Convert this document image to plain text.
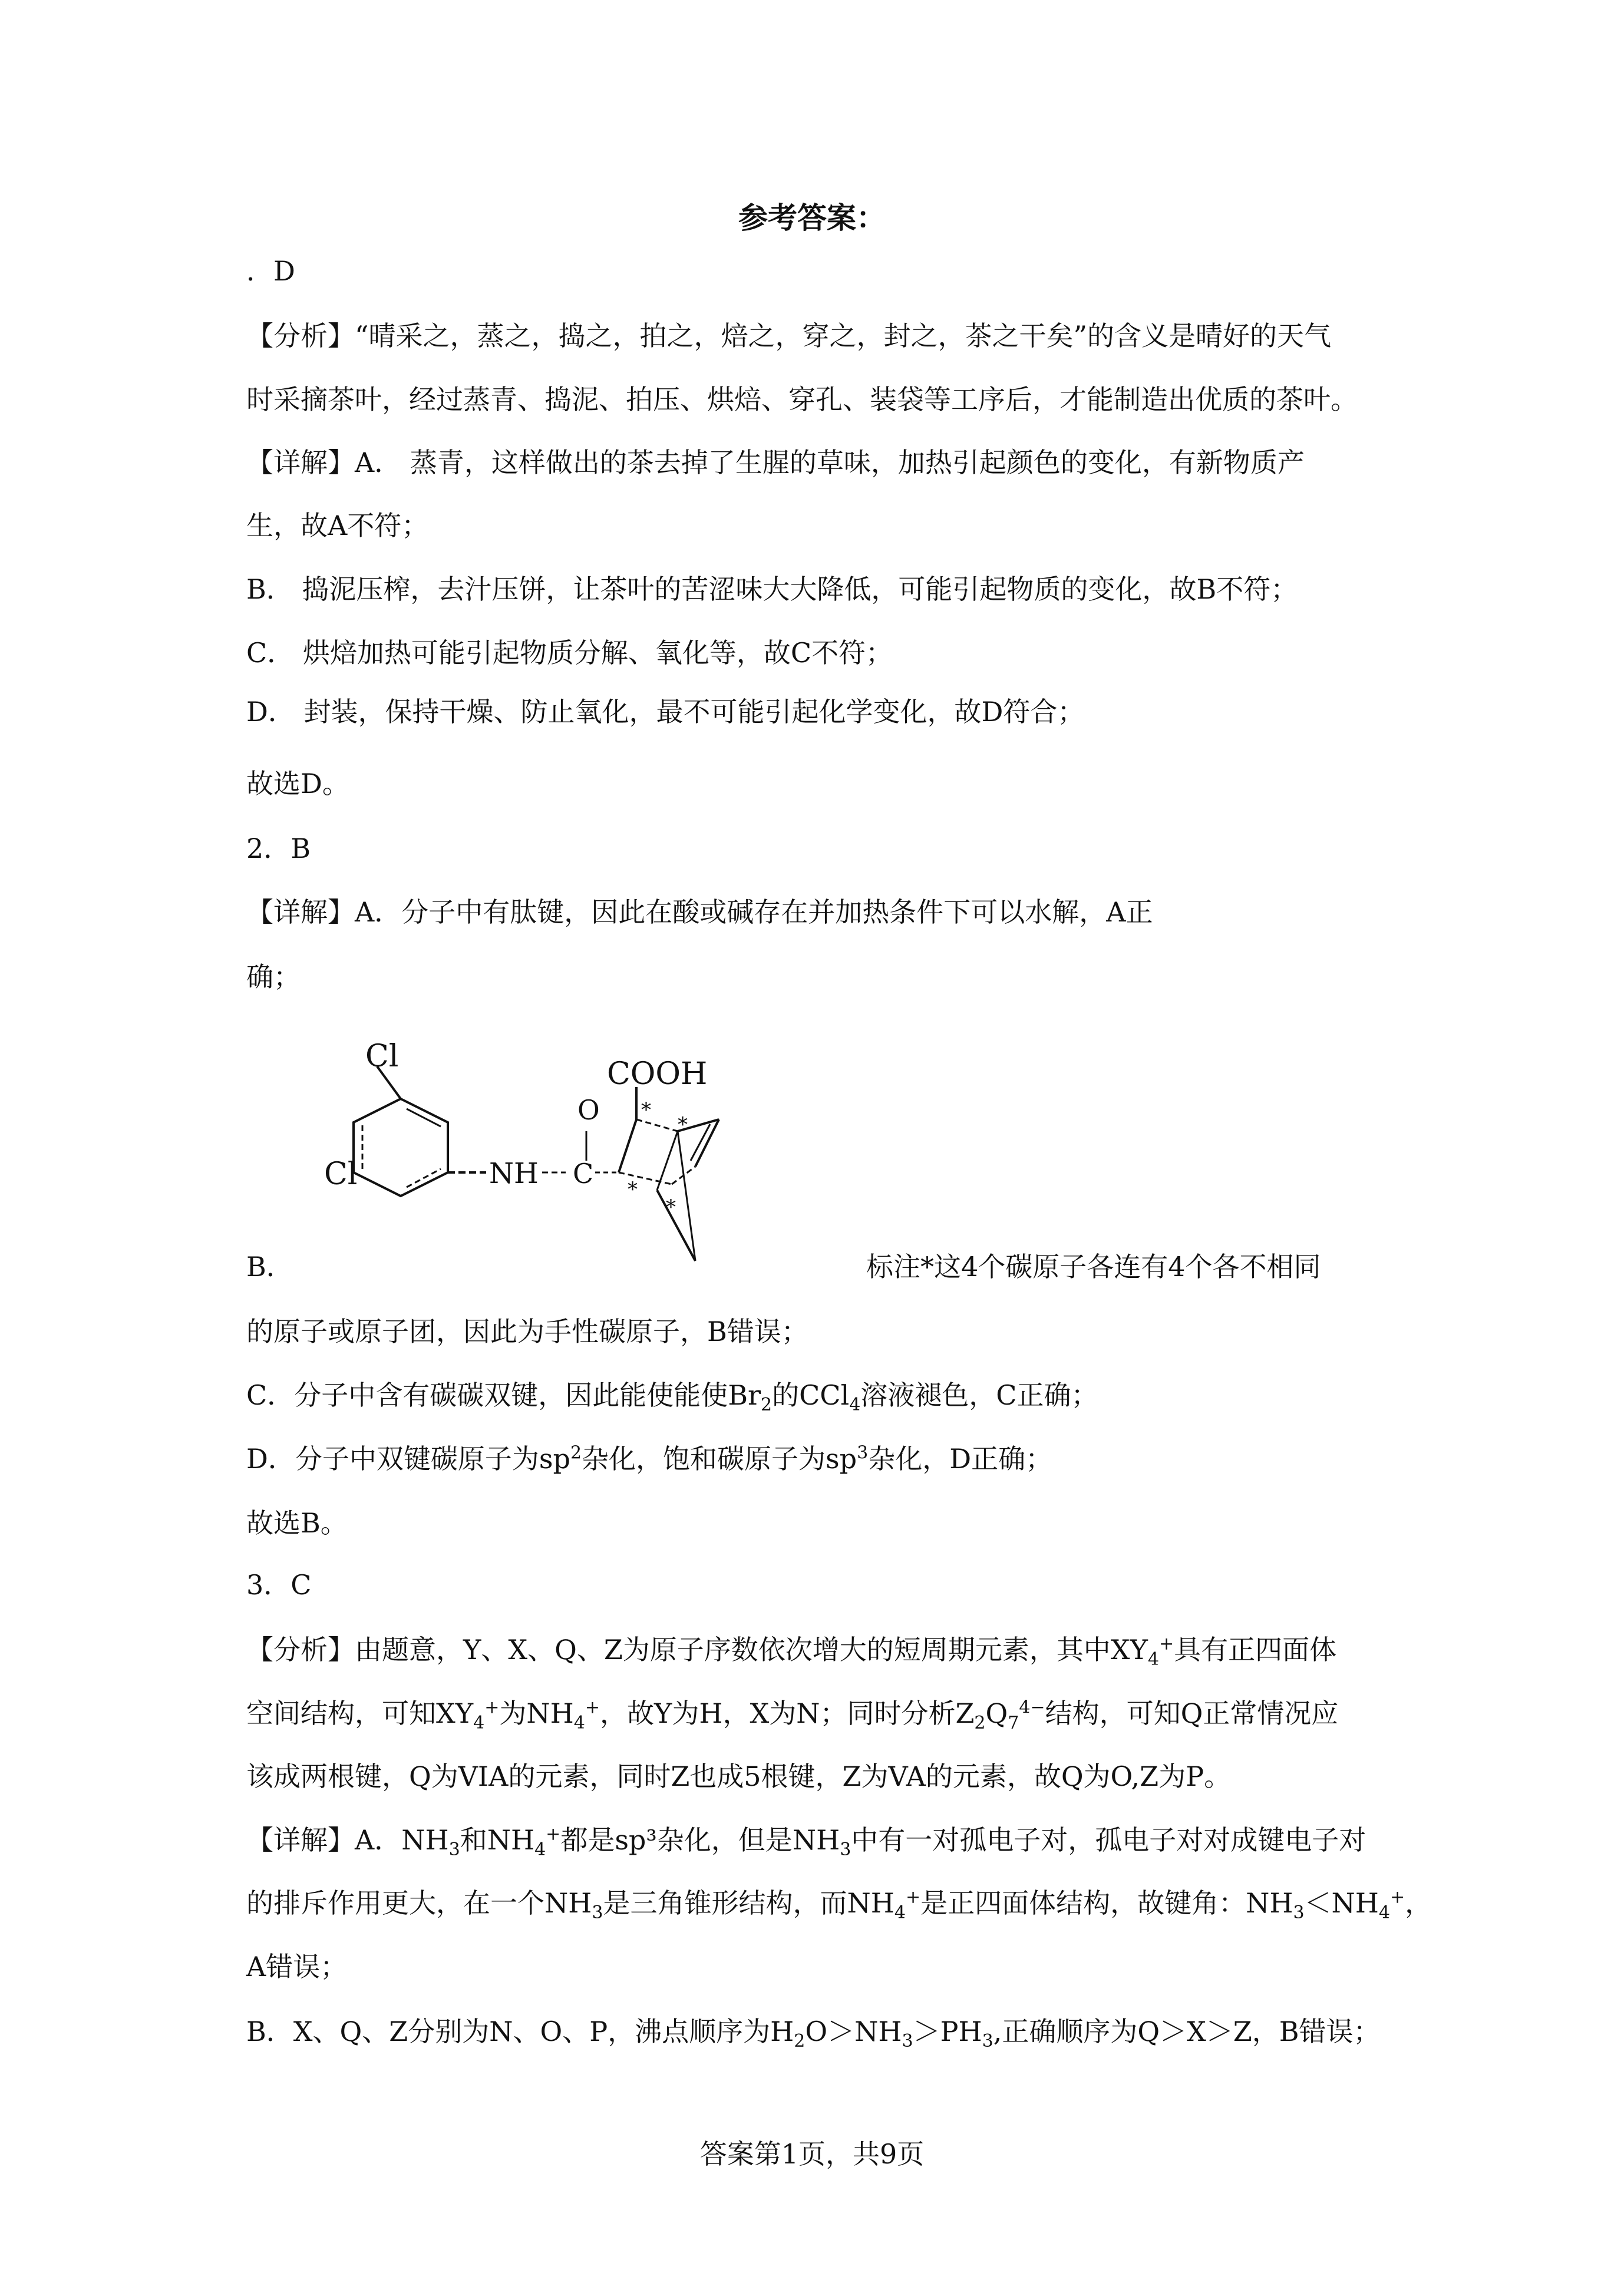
参考答案：
．D
【分析】“晴采之，蒸之，捣之，拍之，焙之，穿之，封之，茶之干矣”的含义是晴好的天气
时采摘茶叶，经过蒸青、捣泥、拍压、烘焙、穿孔、装袋等工序后，才能制造出优质的茶叶。
【详解】A． 蒸青，这样做出的茶去掉了生腥的草味，加热引起颜色的变化，有新物质产
生，故A不符；
B． 捣泥压榨，去汁压饼，让茶叶的苦涩味大大降低，可能引起物质的变化，故B不符；
C． 烘焙加热可能引起物质分解、氧化等，故C不符；
D． 封装，保持干燥、防止氧化，最不可能引起化学变化，故D符合；
故选D。
2．B
【详解】A．分子中有肽键，因此在酸或碱存在并加热条件下可以水解，A正
确；
*
*
*
*
Cl
Cl	NH
O
C
COOH
B．	标注*这4个碳原子各连有4个各不相同
的原子或原子团，因此为手性碳原子，B错误；
C．分子中含有碳碳双键，因此能使能使$Br_2$的CCl$_4$溶液褪色，C正确；
D．分子中双键碳原子为$sp^2$杂化，饱和碳原子为$sp^3$杂化，D正确；
故选B。
3．C
【分析】由题意，Y、X、Q、Z为原子序数依次增大的短周期元素，其中$XY_4^+$具有正四面体
空间结构，可知$XY_4^+$为$NH_4^+$，故Y为H，X为N；同时分析$Z_2Q_7^{4-}$结构，可知Q正常情况应
该成两根键，Q为VIA的元素，同时Z也成5根键，Z为VA的元素，故Q为O,Z为P。
【详解】A．$NH_3$和$NH_4^+$都是sp³杂化，但是$NH_3$中有一对孤电子对，孤电子对对成键电子对
的排斥作用更大，在一个$NH_3$是三角锥形结构，而$NH_4^+$是正四面体结构，故键角：$NH_3<NH_4^+$，
A错误；
B．X、Q、Z分别为N、O、P，沸点顺序为$H_2O>NH_3>PH_3$,正确顺序为Q＞X＞Z，B错误；
答案第1页，共9页
